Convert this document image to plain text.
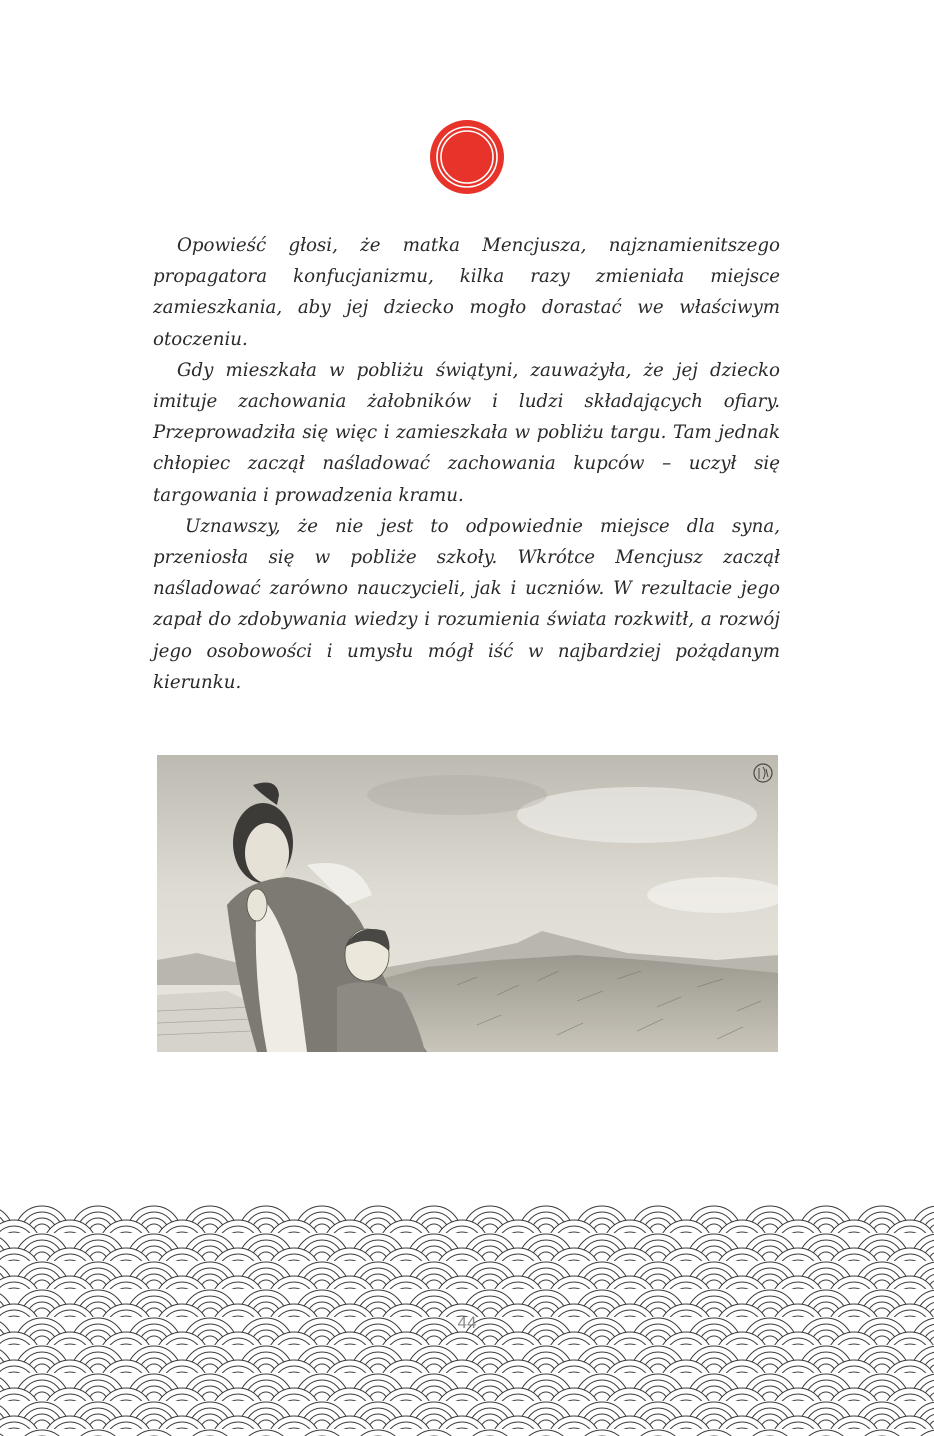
Opowieść głosi, że matka Mencjusza, najznamienitszego propagatora konfucjanizmu, kilka razy zmieniała miejsce zamieszkania, aby jej dziecko mogło dorastać we właściwym otoczeniu.

Gdy mieszkała w pobliżu świątyni, zauważyła, że jej dziecko imituje zachowania żałobników i ludzi składających ofiary. Przeprowadziła się więc i zamieszkała w pobliżu targu. Tam jednak chłopiec zaczął naśladować zachowania kupców – uczył się targowania i prowadzenia kramu.

Uznawszy, że nie jest to odpowiednie miejsce dla syna, przeniosła się w pobliże szkoły. Wkrótce Mencjusz zaczął naśladować zarówno nauczycieli, jak i uczniów. W rezultacie jego zapał do zdobywania wiedzy i rozumienia świata rozkwitł, a rozwój jego osobowości i umysłu mógł iść w najbardziej pożądanym kierunku.

44
